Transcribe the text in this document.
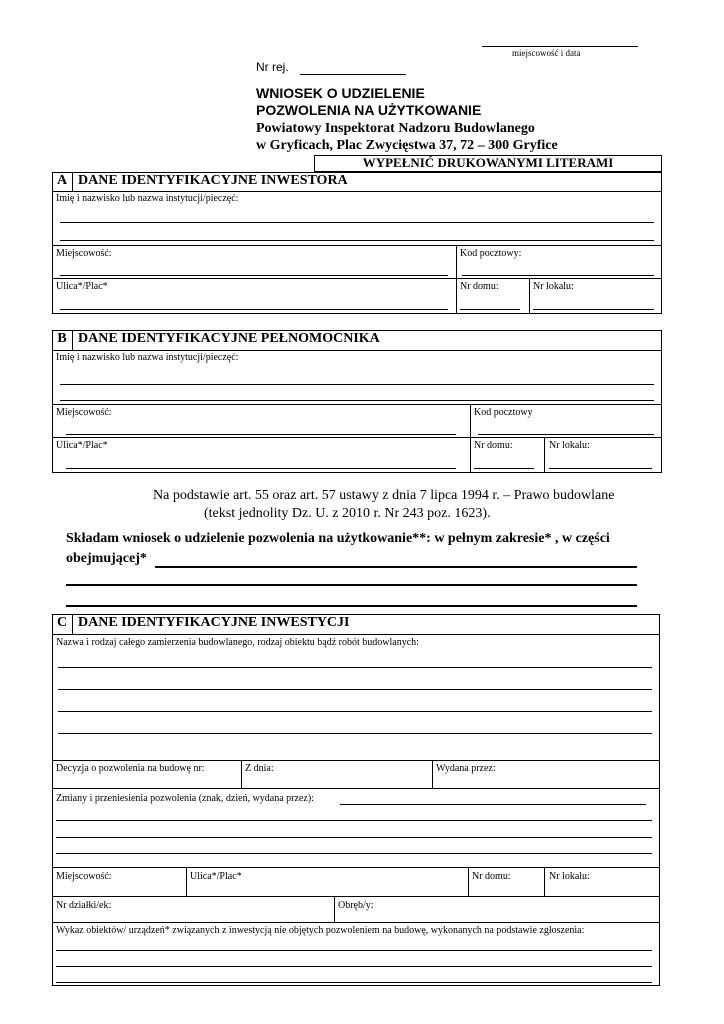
miejscowość i data
Nr rej.
WNIOSEK O UDZIELENIE
POZWOLENIA NA UŻYTKOWANIE
Powiatowy Inspektorat Nadzoru Budowlanego
w Gryficach, Plac Zwycięstwa 37, 72 – 300 Gryfice
WYPEŁNIĆ DRUKOWANYMI LITERAMI
A DANE IDENTYFIKACYJNE INWESTORA
Imię i nazwisko lub nazwa instytucji/pieczęć:
Miejscowość:	Kod pocztowy:
Ulica*/Plac*	Nr domu:	Nr lokalu:
B DANE IDENTYFIKACYJNE PEŁNOMOCNIKA
Imię i nazwisko lub nazwa instytucji/pieczęć:
Miejscowość:	Kod pocztowy
Ulica*/Plac*	Nr domu:	Nr lokalu:
Na podstawie art. 55 oraz art. 57 ustawy z dnia 7 lipca 1994 r. – Prawo budowlane
(tekst jednolity Dz. U. z 2010 r. Nr 243 poz. 1623).
Składam wniosek o udzielenie pozwolenia na użytkowanie**: w pełnym zakresie* , w części
obejmującej*
C DANE IDENTYFIKACYJNE INWESTYCJI
Nazwa i rodzaj całego zamierzenia budowlanego, rodzaj obiektu bądź robót budowlanych:
Decyzja o pozwolenia na budowę nr:	Z dnia:	Wydana przez:
Zmiany i przeniesienia pozwolenia (znak, dzień, wydana przez):
Miejscowość:	Ulica*/Plac*	Nr domu:	Nr lokalu:
Nr działki/ek:	Obręb/y:
Wykaz obiektów/ urządzeń* związanych z inwestycją nie objętych pozwoleniem na budowę, wykonanych na podstawie zgłoszenia:
